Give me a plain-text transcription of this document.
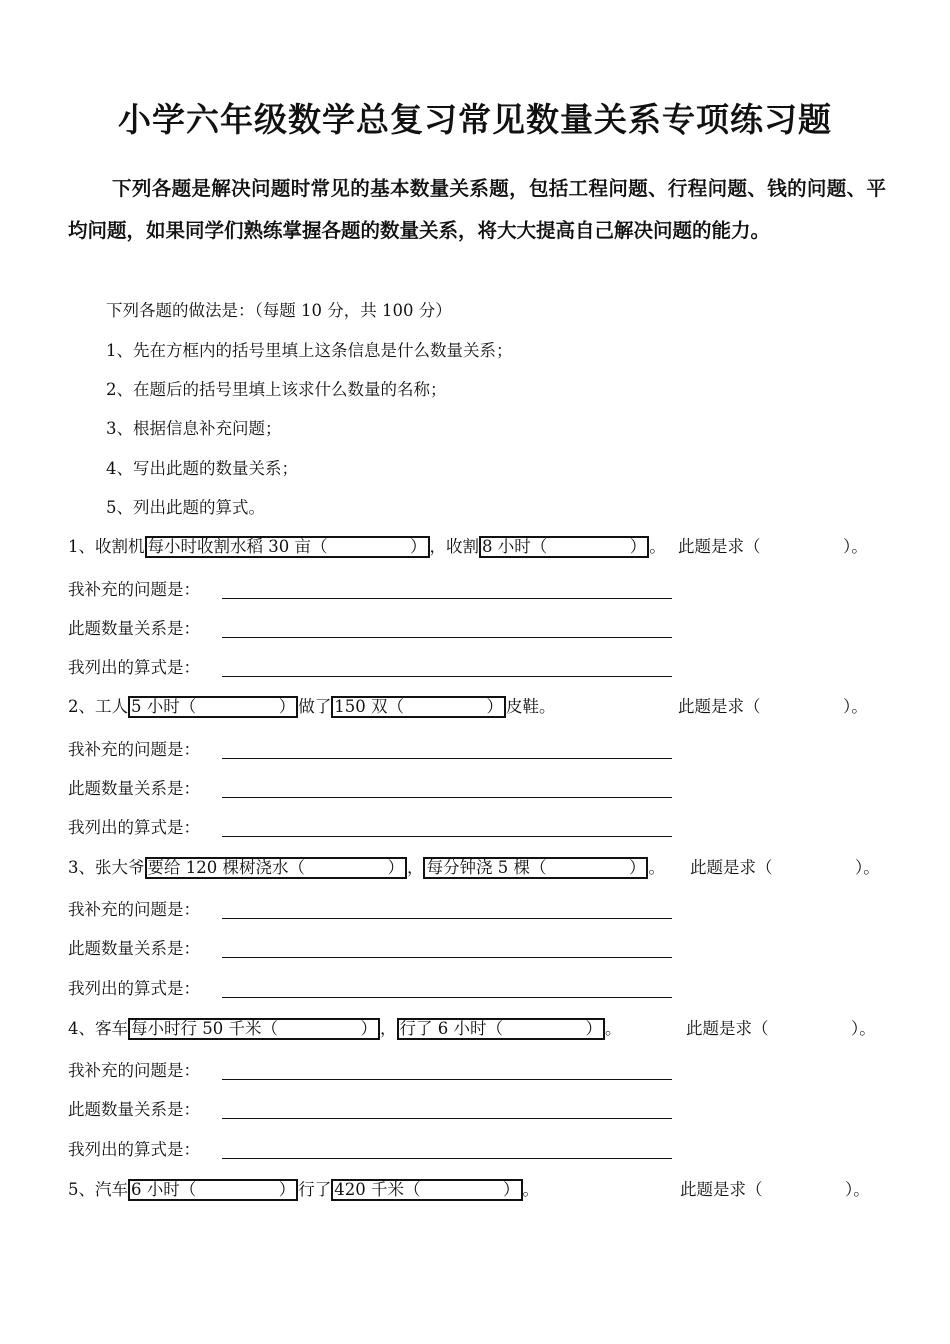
小学六年级数学总复习常见数量关系专项练习题
下列各题是解决问题时常见的基本数量关系题，包括工程问题、行程问题、钱的问题、平均问题，如果同学们熟练掌握各题的数量关系，将大大提高自己解决问题的能力。
下列各题的做法是：（每题 10 分，共 100 分）
1、先在方框内的括号里填上这条信息是什么数量关系；
2、在题后的括号里填上该求什么数量的名称；
3、根据信息补充问题；
4、写出此题的数量关系；
5、列出此题的算式。
1、收割机 每小时收割水稻 30 亩（　　　　　） ，收割 8 小时（　　　　　） 。 此题是求（　　　　　）。
我补充的问题是：
此题数量关系是：
我列出的算式是：
2、工人 5 小时（　　　　　） 做了 150 双（　　　　　） 皮鞋。	此题是求（　　　　　）。
我补充的问题是：
此题数量关系是：
我列出的算式是：
3、张大爷 要给 120 棵树浇水（　　　　　） ， 每分钟浇 5 棵（　　　　　） 。 此题是求（　　　　　）。
我补充的问题是：
此题数量关系是：
我列出的算式是：
4、客车 每小时行 50 千米（　　　　　） ， 行了 6 小时（　　　　　） 。	此题是求（　　　　　）。
我补充的问题是：
此题数量关系是：
我列出的算式是：
5、汽车 6 小时（　　　　　） 行了 420 千米（　　　　　） 。	此题是求（　　　　　）。
